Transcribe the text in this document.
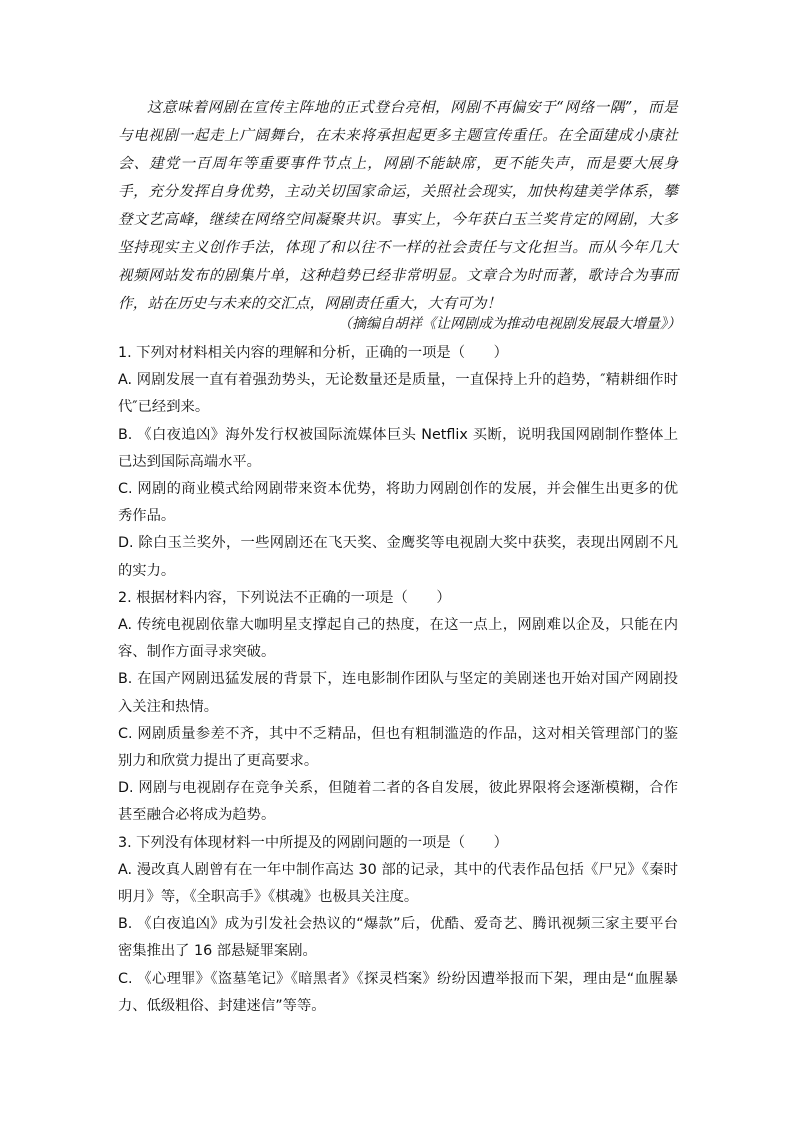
这意味着网剧在宣传主阵地的正式登台亮相，网剧不再偏安于“网络一隅”，而是与电视剧一起走上广阔舞台，在未来将承担起更多主题宣传重任。在全面建成小康社会、建党一百周年等重要事件节点上，网剧不能缺席，更不能失声，而是要大展身手，充分发挥自身优势，主动关切国家命运，关照社会现实，加快构建美学体系，攀登文艺高峰，继续在网络空间凝聚共识。事实上，今年获白玉兰奖肯定的网剧，大多坚持现实主义创作手法，体现了和以往不一样的社会责任与文化担当。而从今年几大视频网站发布的剧集片单，这种趋势已经非常明显。文章合为时而著，歌诗合为事而作，站在历史与未来的交汇点，网剧责任重大，大有可为！

（摘编自胡祥《让网剧成为推动电视剧发展最大增量》）

1. 下列对材料相关内容的理解和分析，正确的一项是（　　）

A. 网剧发展一直有着强劲势头，无论数量还是质量，一直保持上升的趋势，″精耕细作时代″已经到来。

B. 《白夜追凶》海外发行权被国际流媒体巨头 Netflix 买断，说明我国网剧制作整体上已达到国际高端水平。

C. 网剧的商业模式给网剧带来资本优势，将助力网剧创作的发展，并会催生出更多的优秀作品。

D. 除白玉兰奖外，一些网剧还在飞天奖、金鹰奖等电视剧大奖中获奖，表现出网剧不凡的实力。

2. 根据材料内容，下列说法不正确的一项是（　　）

A. 传统电视剧依靠大咖明星支撑起自己的热度，在这一点上，网剧难以企及，只能在内容、制作方面寻求突破。

B. 在国产网剧迅猛发展的背景下，连电影制作团队与坚定的美剧迷也开始对国产网剧投入关注和热情。

C. 网剧质量参差不齐，其中不乏精品，但也有粗制滥造的作品，这对相关管理部门的鉴别力和欣赏力提出了更高要求。

D. 网剧与电视剧存在竞争关系，但随着二者的各自发展，彼此界限将会逐渐模糊，合作甚至融合必将成为趋势。

3. 下列没有体现材料一中所提及的网剧问题的一项是（　　）

A. 漫改真人剧曾有在一年中制作高达 30 部的记录，其中的代表作品包括《尸兄》《秦时明月》等，《全职高手》《棋魂》也极具关注度。

B. 《白夜追凶》成为引发社会热议的“爆款”后，优酷、爱奇艺、腾讯视频三家主要平台密集推出了 16 部悬疑罪案剧。

C. 《心理罪》《盗墓笔记》《暗黑者》《探灵档案》纷纷因遭举报而下架，理由是“血腥暴力、低级粗俗、封建迷信”等等。
